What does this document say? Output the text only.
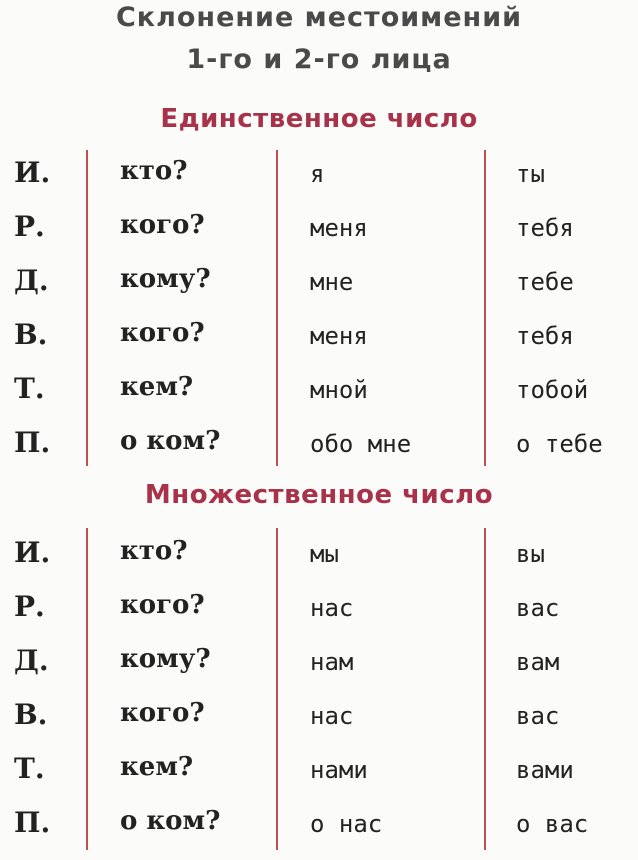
Склонение местоимений
1-го и 2-го лица
Единственное число
И.	кто?	я	ты
Р.	кого?	меня	тебя
Д.	кому?	мне	тебе
В.	кого?	меня	тебя
Т.	кем?	мной	тобой
П.	о ком?	обо мне	о тебе
Множественное число
И.	кто?	мы	вы
Р.	кого?	нас	вас
Д.	кому?	нам	вам
В.	кого?	нас	вас
Т.	кем?	нами	вами
П.	о ком?	о нас	о вас
